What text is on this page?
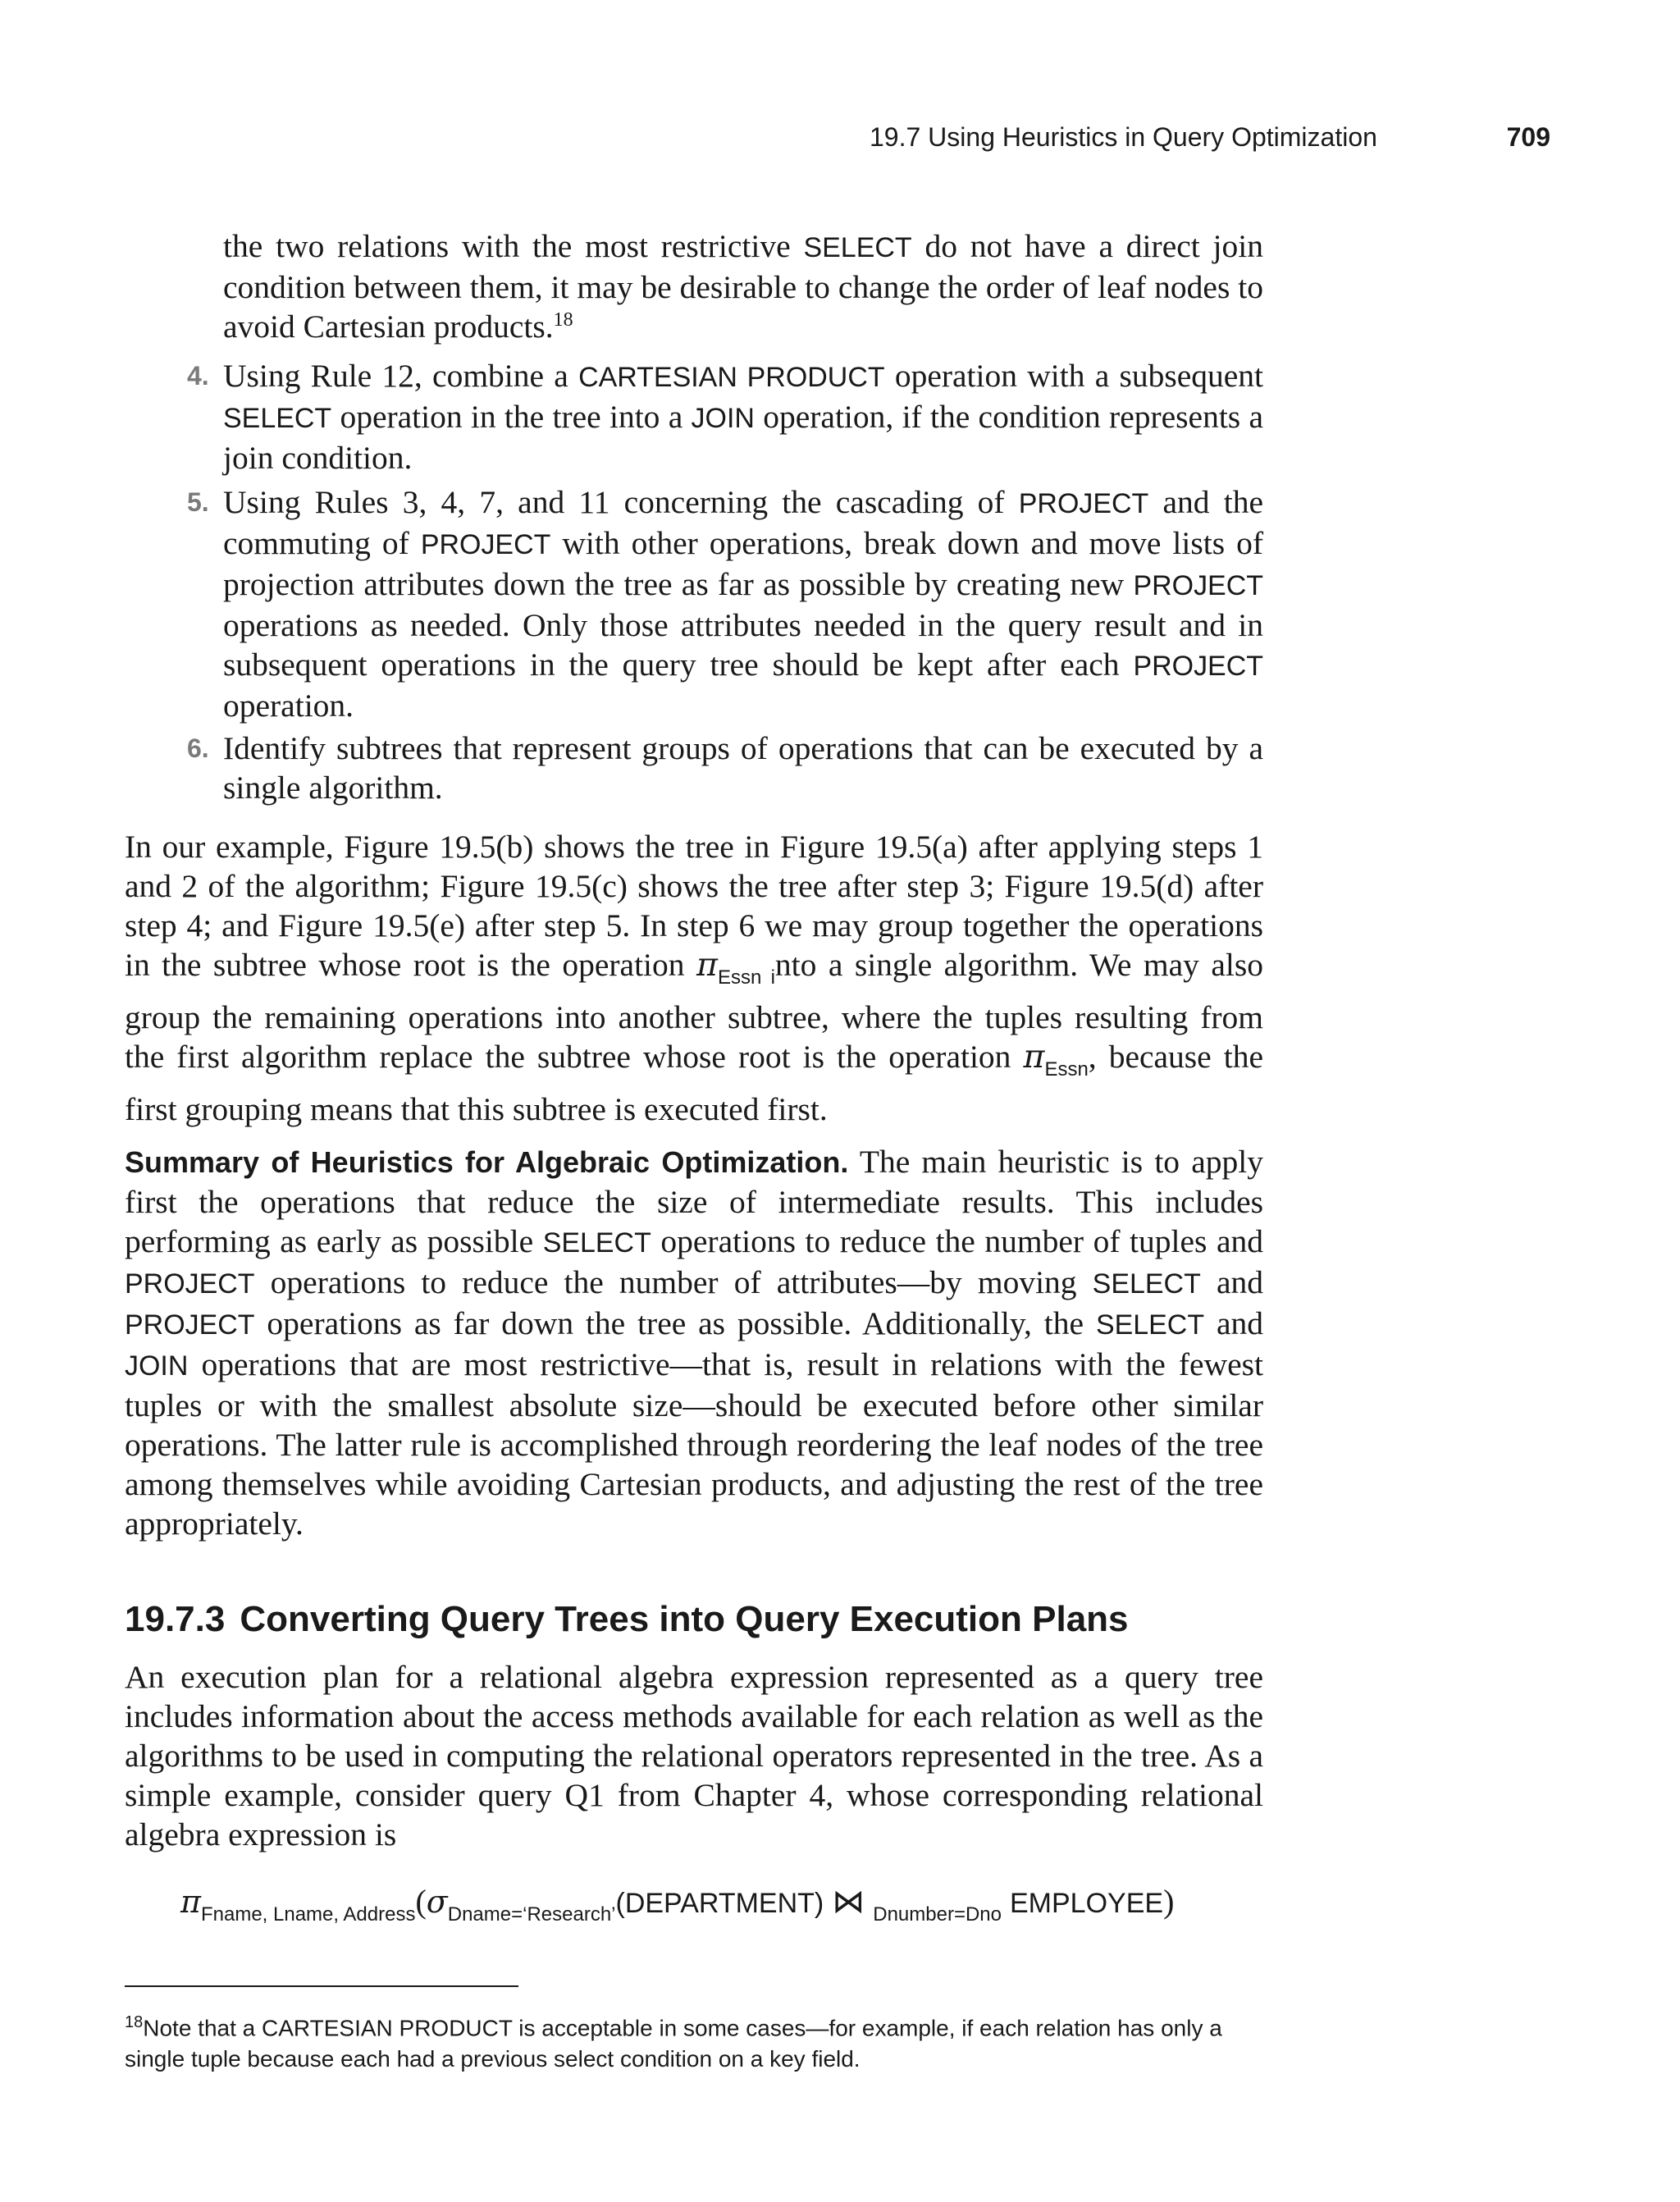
19.7 Using Heuristics in Query Optimization	709
the two relations with the most restrictive SELECT do not have a direct join condition between them, it may be desirable to change the order of leaf nodes to avoid Cartesian products.$^{18}$
4. Using Rule 12, combine a CARTESIAN PRODUCT operation with a subsequent SELECT operation in the tree into a JOIN operation, if the condition represents a join condition.
5. Using Rules 3, 4, 7, and 11 concerning the cascading of PROJECT and the commuting of PROJECT with other operations, break down and move lists of projection attributes down the tree as far as possible by creating new PROJECT operations as needed. Only those attributes needed in the query result and in subsequent operations in the query tree should be kept after each PROJECT operation.
6. Identify subtrees that represent groups of operations that can be executed by a single algorithm.
In our example, Figure 19.5(b) shows the tree in Figure 19.5(a) after applying steps 1 and 2 of the algorithm; Figure 19.5(c) shows the tree after step 3; Figure 19.5(d) after step 4; and Figure 19.5(e) after step 5. In step 6 we may group together the operations in the subtree whose root is the operation $\pi_{Essn i}nto$ a single algorithm. We may also group the remaining operations into another subtree, where the tuples resulting from the first algorithm replace the subtree whose root is the operation $\pi_{Essn}$, because the first grouping means that this subtree is executed first.
Summary of Heuristics for Algebraic Optimization. The main heuristic is to apply first the operations that reduce the size of intermediate results. This includes performing as early as possible SELECT operations to reduce the number of tuples and PROJECT operations to reduce the number of attributes—by moving SELECT and PROJECT operations as far down the tree as possible. Additionally, the SELECT and JOIN operations that are most restrictive—that is, result in relations with the fewest tuples or with the smallest absolute size—should be executed before other similar operations. The latter rule is accomplished through reordering the leaf nodes of the tree among themselves while avoiding Cartesian products, and adjusting the rest of the tree appropriately.
19.7.3 Converting Query Trees into Query Execution Plans
An execution plan for a relational algebra expression represented as a query tree includes information about the access methods available for each relation as well as the algorithms to be used in computing the relational operators represented in the tree. As a simple example, consider query Q1 from Chapter 4, whose corresponding relational algebra expression is
$\pi_{Fname, Lname, Address}(\sigma_{Dname=‘Research’}(DEPARTMENT)$ ⋈ $_{Dnumber=Dno}$ EMPLOYEE)
$^{18}$Note that a CARTESIAN PRODUCT is acceptable in some cases—for example, if each relation has only a single tuple because each had a previous select condition on a key field.
